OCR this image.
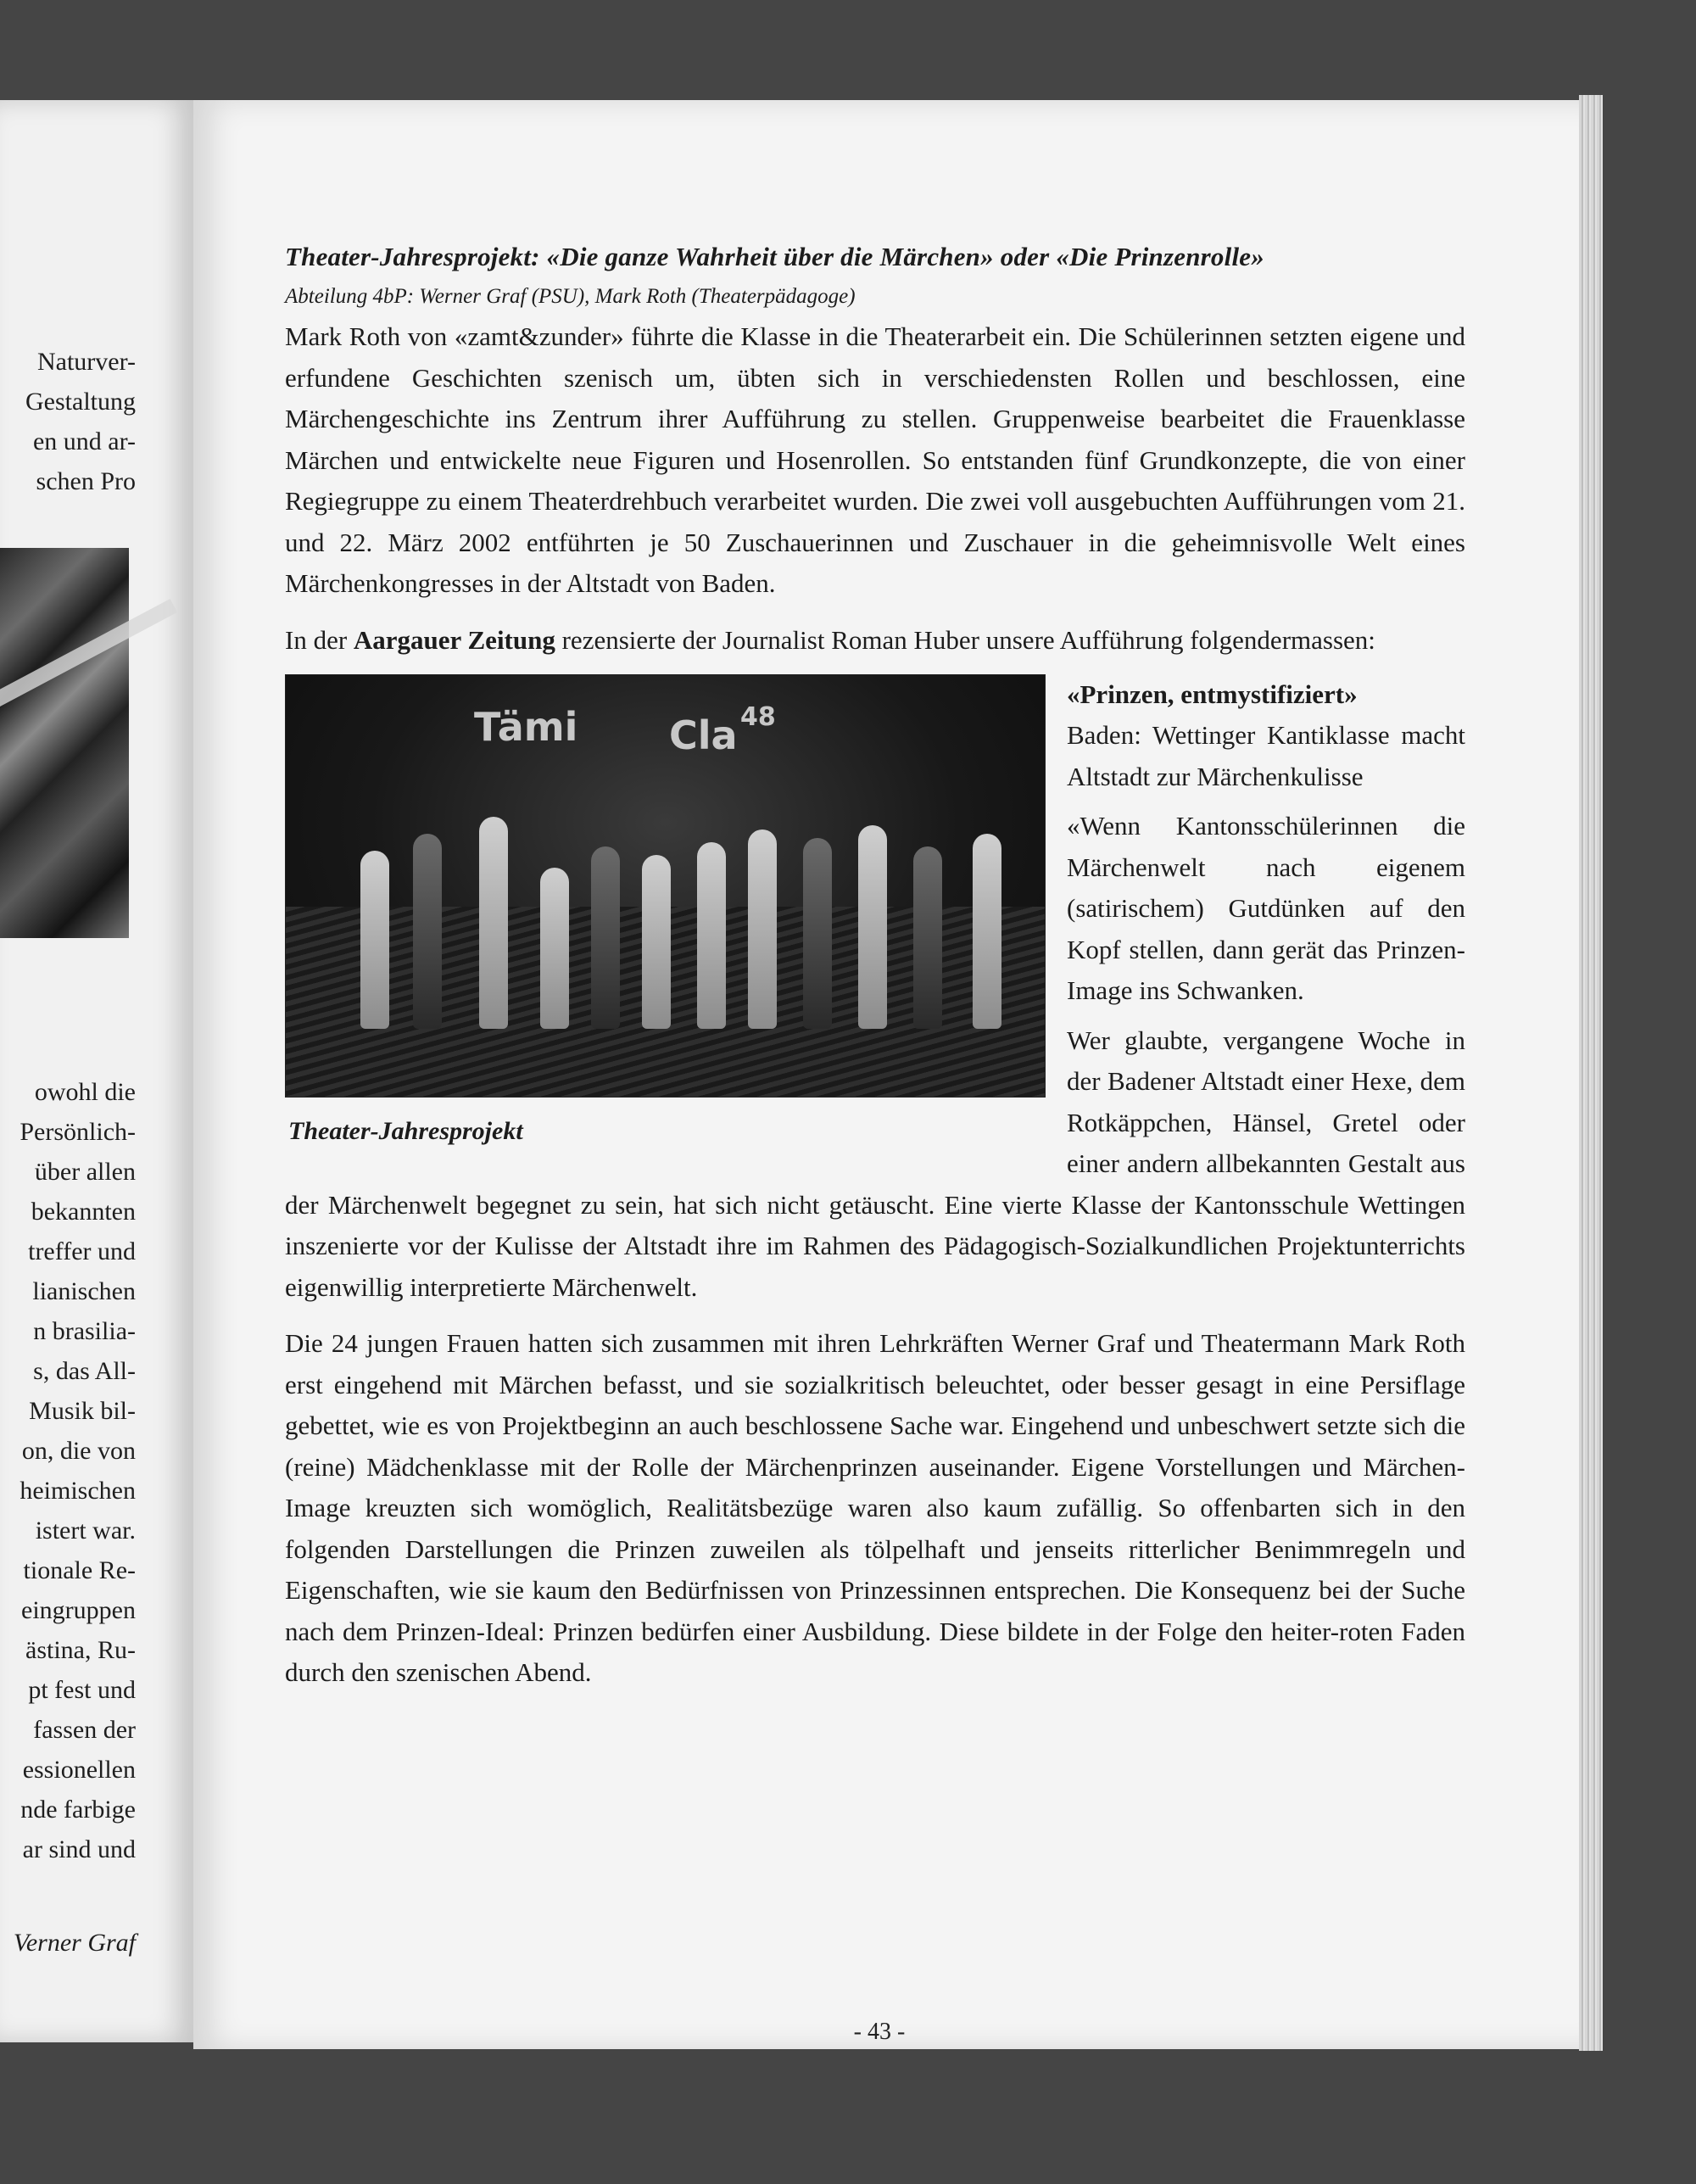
Naturver-
Gestaltung
en und ar-
schen Pro
owohl die
Persönlich-
über allen
bekannten
treffer und
lianischen
n brasilia-
s, das All-
Musik bil-
on, die von
heimischen
istert war.
tionale Re-
eingruppen
ästina, Ru-
pt fest und
fassen der
essionellen
nde farbige
ar sind und
Verner Graf
Theater-Jahresprojekt: «Die ganze Wahrheit über die Märchen» oder «Die Prinzenrolle»
Abteilung 4bP: Werner Graf (PSU), Mark Roth (Theaterpädagoge)

Mark Roth von «zamt&zunder» führte die Klasse in die Theaterarbeit ein. Die Schülerinnen setzten eigene und erfundene Geschichten szenisch um, übten sich in verschiedensten Rollen und beschlossen, eine Märchengeschichte ins Zentrum ihrer Aufführung zu stellen. Gruppenweise bearbeitet die Frauenklasse Märchen und entwickelte neue Figuren und Hosenrollen. So entstanden fünf Grundkonzepte, die von einer Regiegruppe zu einem Theaterdrehbuch verarbeitet wurden. Die zwei voll ausgebuchten Aufführungen vom 21. und 22. März 2002 entführten je 50 Zuschauerinnen und Zuschauer in die geheimnisvolle Welt eines Märchenkongresses in der Altstadt von Baden.

In der Aargauer Zeitung rezensierte der Journalist Roman Huber unsere Aufführung folgendermassen:

Tämi Cla 48
Theater-Jahresprojekt

«Prinzen, entmystifiziert»

Baden: Wettinger Kantiklasse macht Altstadt zur Märchenkulisse

«Wenn Kantonsschülerinnen die Märchenwelt nach eigenem (satirischem) Gutdünken auf den Kopf stellen, dann gerät das Prinzen-Image ins Schwanken.

Wer glaubte, vergangene Woche in der Badener Altstadt einer Hexe, dem Rotkäppchen, Hänsel, Gretel oder einer andern allbekannten Gestalt aus der Märchenwelt begegnet zu sein, hat sich nicht getäuscht. Eine vierte Klasse der Kantonsschule Wettingen inszenierte vor der Kulisse der Altstadt ihre im Rahmen des Pädagogisch-Sozialkundlichen Projektunterrichts eigenwillig interpretierte Märchenwelt.

Die 24 jungen Frauen hatten sich zusammen mit ihren Lehrkräften Werner Graf und Theatermann Mark Roth erst eingehend mit Märchen befasst, und sie sozialkritisch beleuchtet, oder besser gesagt in eine Persiflage gebettet, wie es von Projektbeginn an auch beschlossene Sache war. Eingehend und unbeschwert setzte sich die (reine) Mädchenklasse mit der Rolle der Märchenprinzen auseinander. Eigene Vorstellungen und Märchen-Image kreuzten sich womöglich, Realitätsbezüge waren also kaum zufällig. So offenbarten sich in den folgenden Darstellungen die Prinzen zuweilen als tölpelhaft und jenseits ritterlicher Benimmregeln und Eigenschaften, wie sie kaum den Bedürfnissen von Prinzessinnen entsprechen. Die Konsequenz bei der Suche nach dem Prinzen-Ideal: Prinzen bedürfen einer Ausbildung. Diese bildete in der Folge den heiter-roten Faden durch den szenischen Abend.

- 43 -
